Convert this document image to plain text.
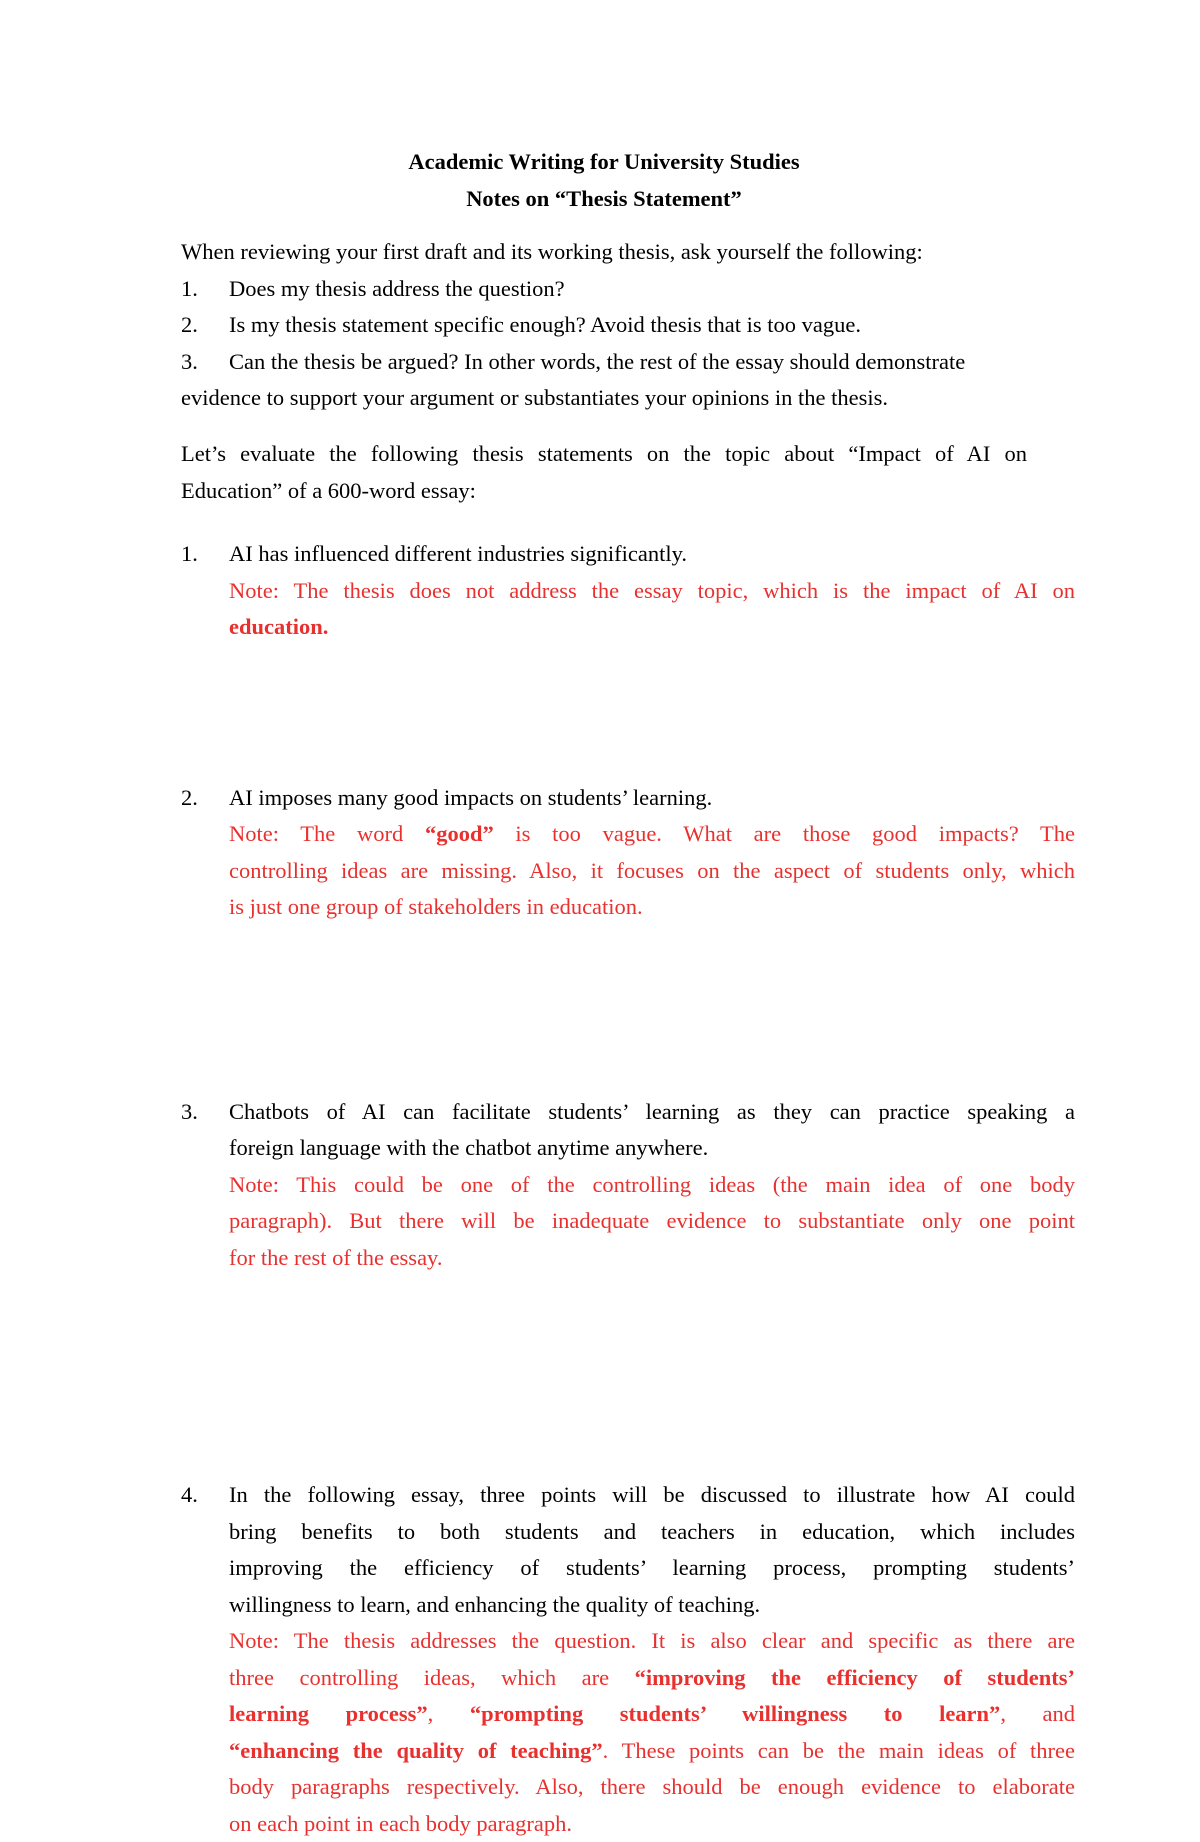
Academic Writing for University Studies
Notes on “Thesis Statement”
When reviewing your first draft and its working thesis, ask yourself the following:
1. Does my thesis address the question?
2. Is my thesis statement specific enough? Avoid thesis that is too vague.
3. Can the thesis be argued? In other words, the rest of the essay should demonstrate
evidence to support your argument or substantiates your opinions in the thesis.
Let’s evaluate the following thesis statements on the topic about “Impact of AI on
Education” of a 600-word essay:
1. AI has influenced different industries significantly.
Note: The thesis does not address the essay topic, which is the impact of AI on
education.
2. AI imposes many good impacts on students’ learning.
Note: The word “good” is too vague. What are those good impacts? The
controlling ideas are missing. Also, it focuses on the aspect of students only, which
is just one group of stakeholders in education.
3. Chatbots of AI can facilitate students’ learning as they can practice speaking a
foreign language with the chatbot anytime anywhere.
Note: This could be one of the controlling ideas (the main idea of one body
paragraph). But there will be inadequate evidence to substantiate only one point
for the rest of the essay.
4. In the following essay, three points will be discussed to illustrate how AI could
bring benefits to both students and teachers in education, which includes
improving the efficiency of students’ learning process, prompting students’
willingness to learn, and enhancing the quality of teaching.
Note: The thesis addresses the question. It is also clear and specific as there are
three controlling ideas, which are “improving the efficiency of students’
learning process”, “prompting students’ willingness to learn”, and
“enhancing the quality of teaching”. These points can be the main ideas of three
body paragraphs respectively. Also, there should be enough evidence to elaborate
on each point in each body paragraph.
